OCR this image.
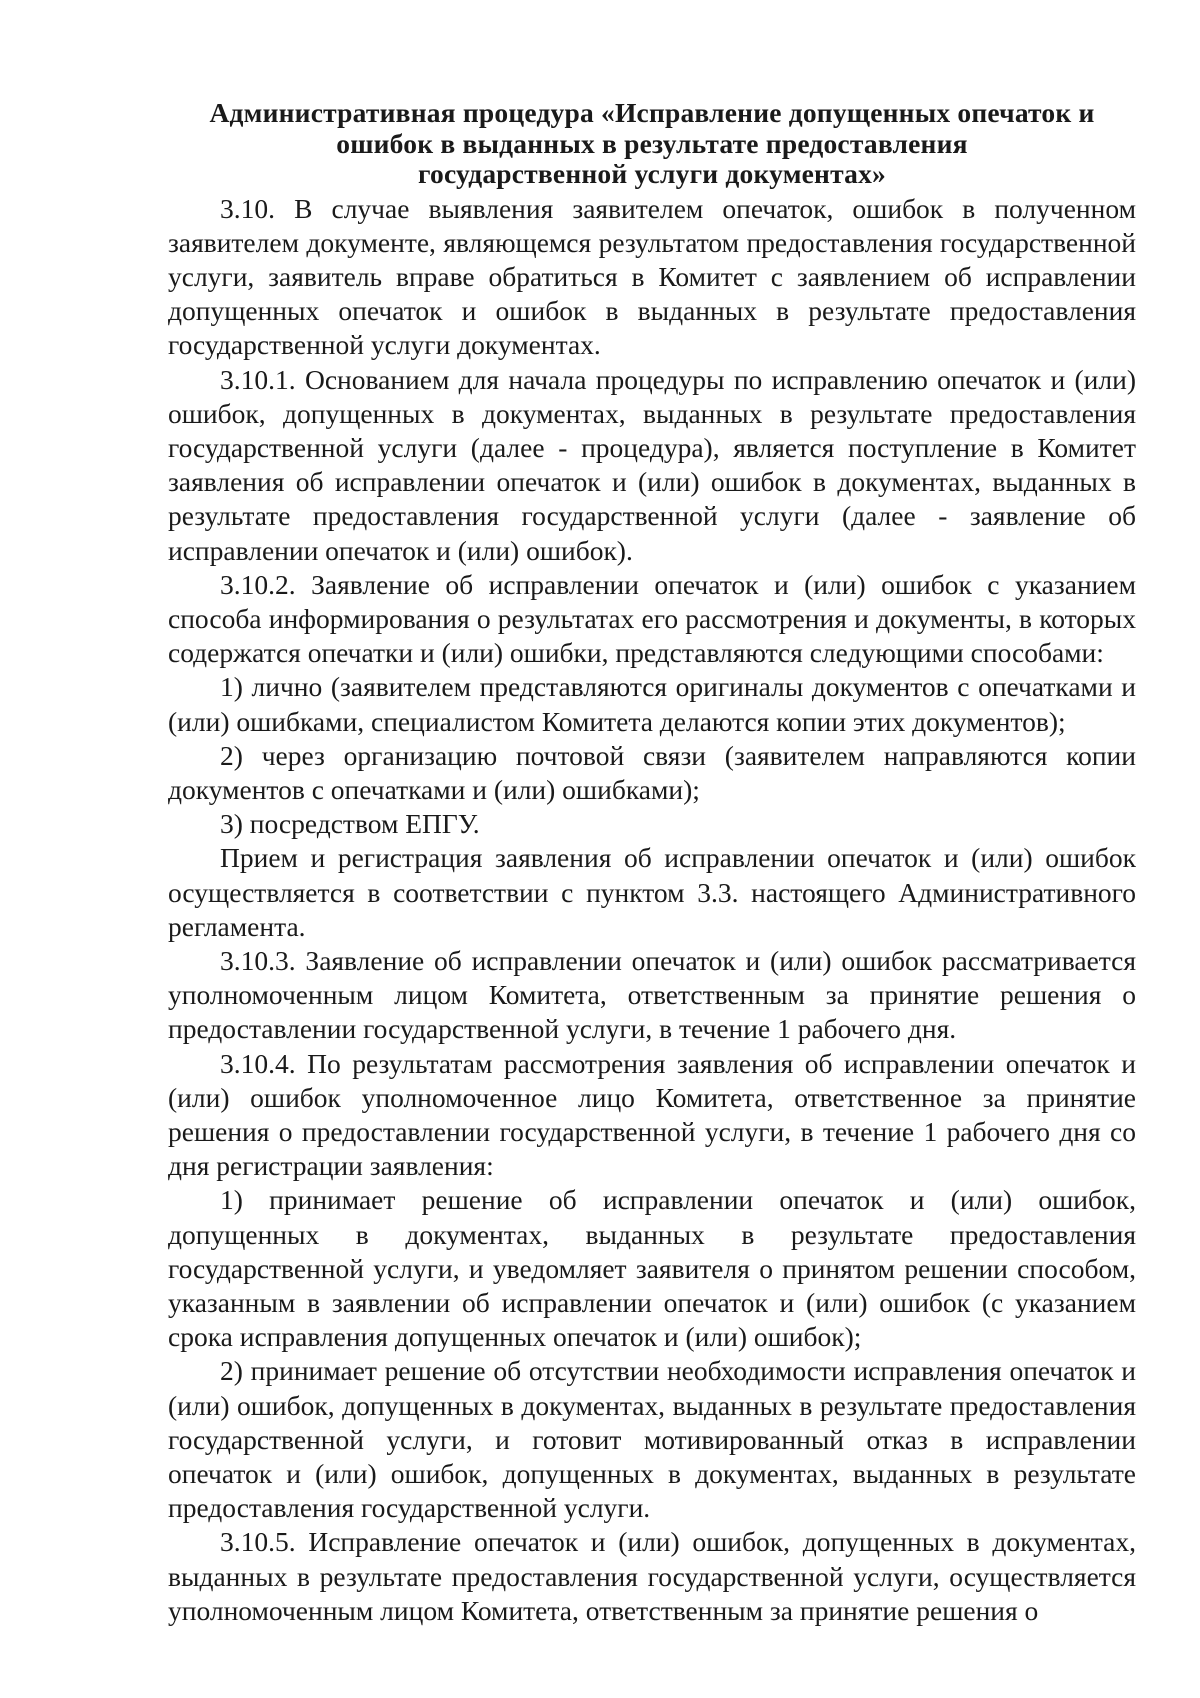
Административная процедура «Исправление допущенных опечаток и
ошибок в выданных в результате предоставления
государственной услуги документах»

3.10. В случае выявления заявителем опечаток, ошибок в полученном заявителем документе, являющемся результатом предоставления государственной услуги, заявитель вправе обратиться в Комитет с заявлением об исправлении допущенных опечаток и ошибок в выданных в результате предоставления государственной услуги документах.

3.10.1. Основанием для начала процедуры по исправлению опечаток и (или) ошибок, допущенных в документах, выданных в результате предоставления государственной услуги (далее - процедура), является поступление в Комитет заявления об исправлении опечаток и (или) ошибок в документах, выданных в результате предоставления государственной услуги (далее - заявление об исправлении опечаток и (или) ошибок).

3.10.2. Заявление об исправлении опечаток и (или) ошибок с указанием способа информирования о результатах его рассмотрения и документы, в которых содержатся опечатки и (или) ошибки, представляются следующими способами:

1) лично (заявителем представляются оригиналы документов с опечатками и (или) ошибками, специалистом Комитета делаются копии этих документов);

2) через организацию почтовой связи (заявителем направляются копии документов с опечатками и (или) ошибками);

3) посредством ЕПГУ.

Прием и регистрация заявления об исправлении опечаток и (или) ошибок осуществляется в соответствии с пунктом 3.3. настоящего Административного регламента.

3.10.3. Заявление об исправлении опечаток и (или) ошибок рассматривается уполномоченным лицом Комитета, ответственным за принятие решения о предоставлении государственной услуги, в течение 1 рабочего дня.

3.10.4. По результатам рассмотрения заявления об исправлении опечаток и (или) ошибок уполномоченное лицо Комитета, ответственное за принятие решения о предоставлении государственной услуги, в течение 1 рабочего дня со дня регистрации заявления:

1) принимает решение об исправлении опечаток и (или) ошибок, допущенных в документах, выданных в результате предоставления государственной услуги, и уведомляет заявителя о принятом решении способом, указанным в заявлении об исправлении опечаток и (или) ошибок (с указанием срока исправления допущенных опечаток и (или) ошибок);

2) принимает решение об отсутствии необходимости исправления опечаток и (или) ошибок, допущенных в документах, выданных в результате предоставления государственной услуги, и готовит мотивированный отказ в исправлении опечаток и (или) ошибок, допущенных в документах, выданных в результате предоставления государственной услуги.

3.10.5. Исправление опечаток и (или) ошибок, допущенных в документах, выданных в результате предоставления государственной услуги, осуществляется уполномоченным лицом Комитета, ответственным за принятие решения о
